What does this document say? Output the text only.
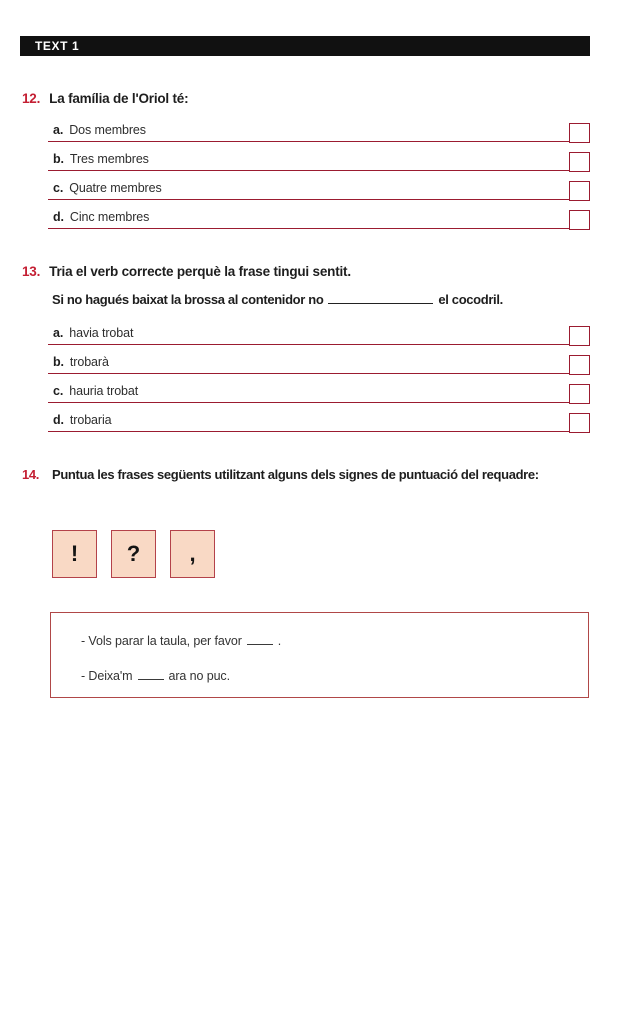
TEXT 1
12. La família de l'Oriol té:
a. Dos membres
b. Tres membres
c. Quatre membres
d. Cinc membres
13. Tria el verb correcte perquè la frase tingui sentit.
Si no hagués baixat la brossa al contenidor no	el cocodril.
a. havia trobat
b. trobarà
c. hauria trobat
d. trobaria
14. Puntua les frases següents utilitzant alguns dels signes de puntuació del requadre:
! ? ,
- Vols parar la taula, per favor	.
- Deixa'm	ara no puc.
